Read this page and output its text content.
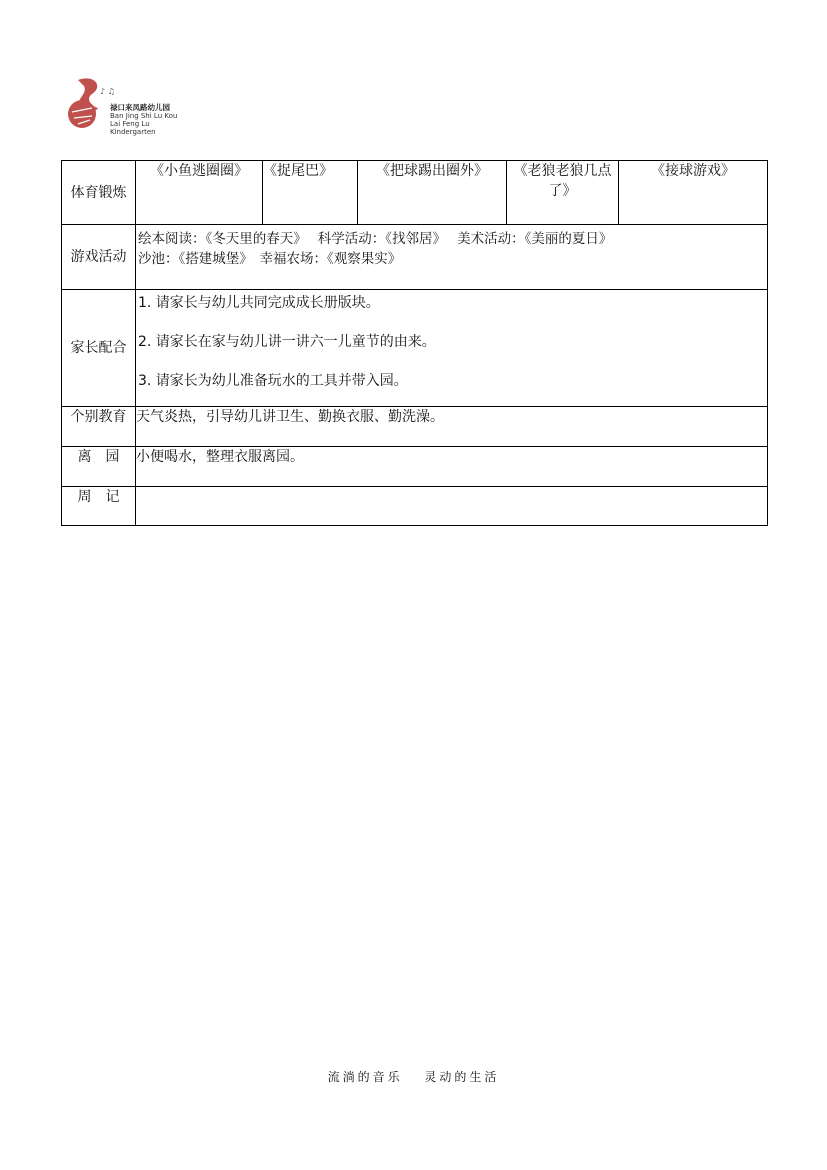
♪ ♫
禄口来凤路幼儿园
Ban Jing Shi Lu Kou Lai Feng Lu Kindergarten
体育锻炼	《小鱼逃圈圈》	《捉尾巴》	《把球踢出圈外》	《老狼老狼几点了》	《接球游戏》
游戏活动	绘本阅读：《冬天里的春天》　 科学活动：《找邻居》　 美术活动：《美丽的夏日》
沙池：《搭建城堡》　幸福农场：《观察果实》				

家长配合	1. 请家长与幼儿共同完成成长册版块。
2. 请家长在家与幼儿讲一讲六一儿童节的由来。
3. 请家长为幼儿准备玩水的工具并带入园。				

个别教育	天气炎热，引导幼儿讲卫生、勤换衣服、勤洗澡。				
离　园	小便喝水，整理衣服离园。				
周　记					
流淌的音乐　 灵动的生活
